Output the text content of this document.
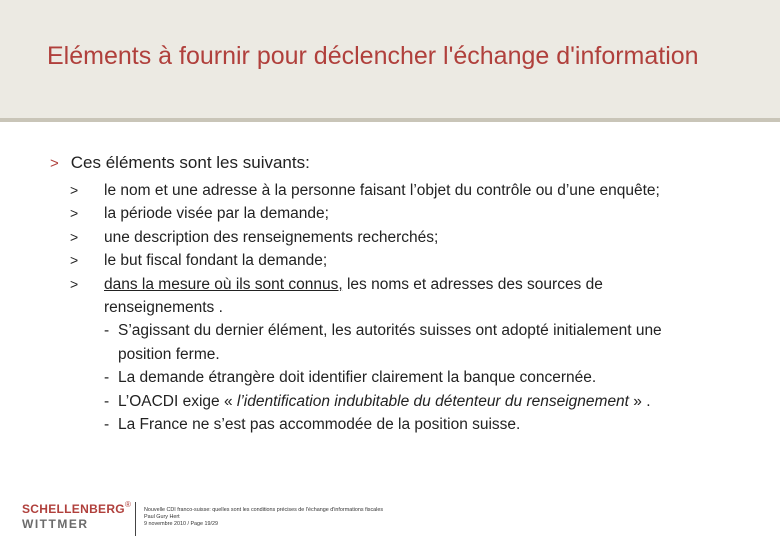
Eléments à fournir pour déclencher l'échange d'information
> Ces éléments sont les suivants:
> le nom et une adresse à la personne faisant l’objet du contrôle ou d’une enquête;
> la période visée par la demande;
> une description des renseignements recherchés;
> le but fiscal fondant la demande;
> dans la mesure où ils sont connus, les noms et adresses des sources de
renseignements .
- S’agissant du dernier élément, les autorités suisses ont adopté initialement une
position ferme.
- La demande étrangère doit identifier clairement la banque concernée.
- L’OACDI exige « l’identification indubitable du détenteur du renseignement » .
- La France ne s’est pas accommodée de la position suisse.
SCHELLENBERG
WITTMER
®
Nouvelle CDI franco-suisse: quelles sont les conditions précises de l'échange d'informations fiscales
Paul Gury Hert
9 novembre 2010 / Page 19/29
